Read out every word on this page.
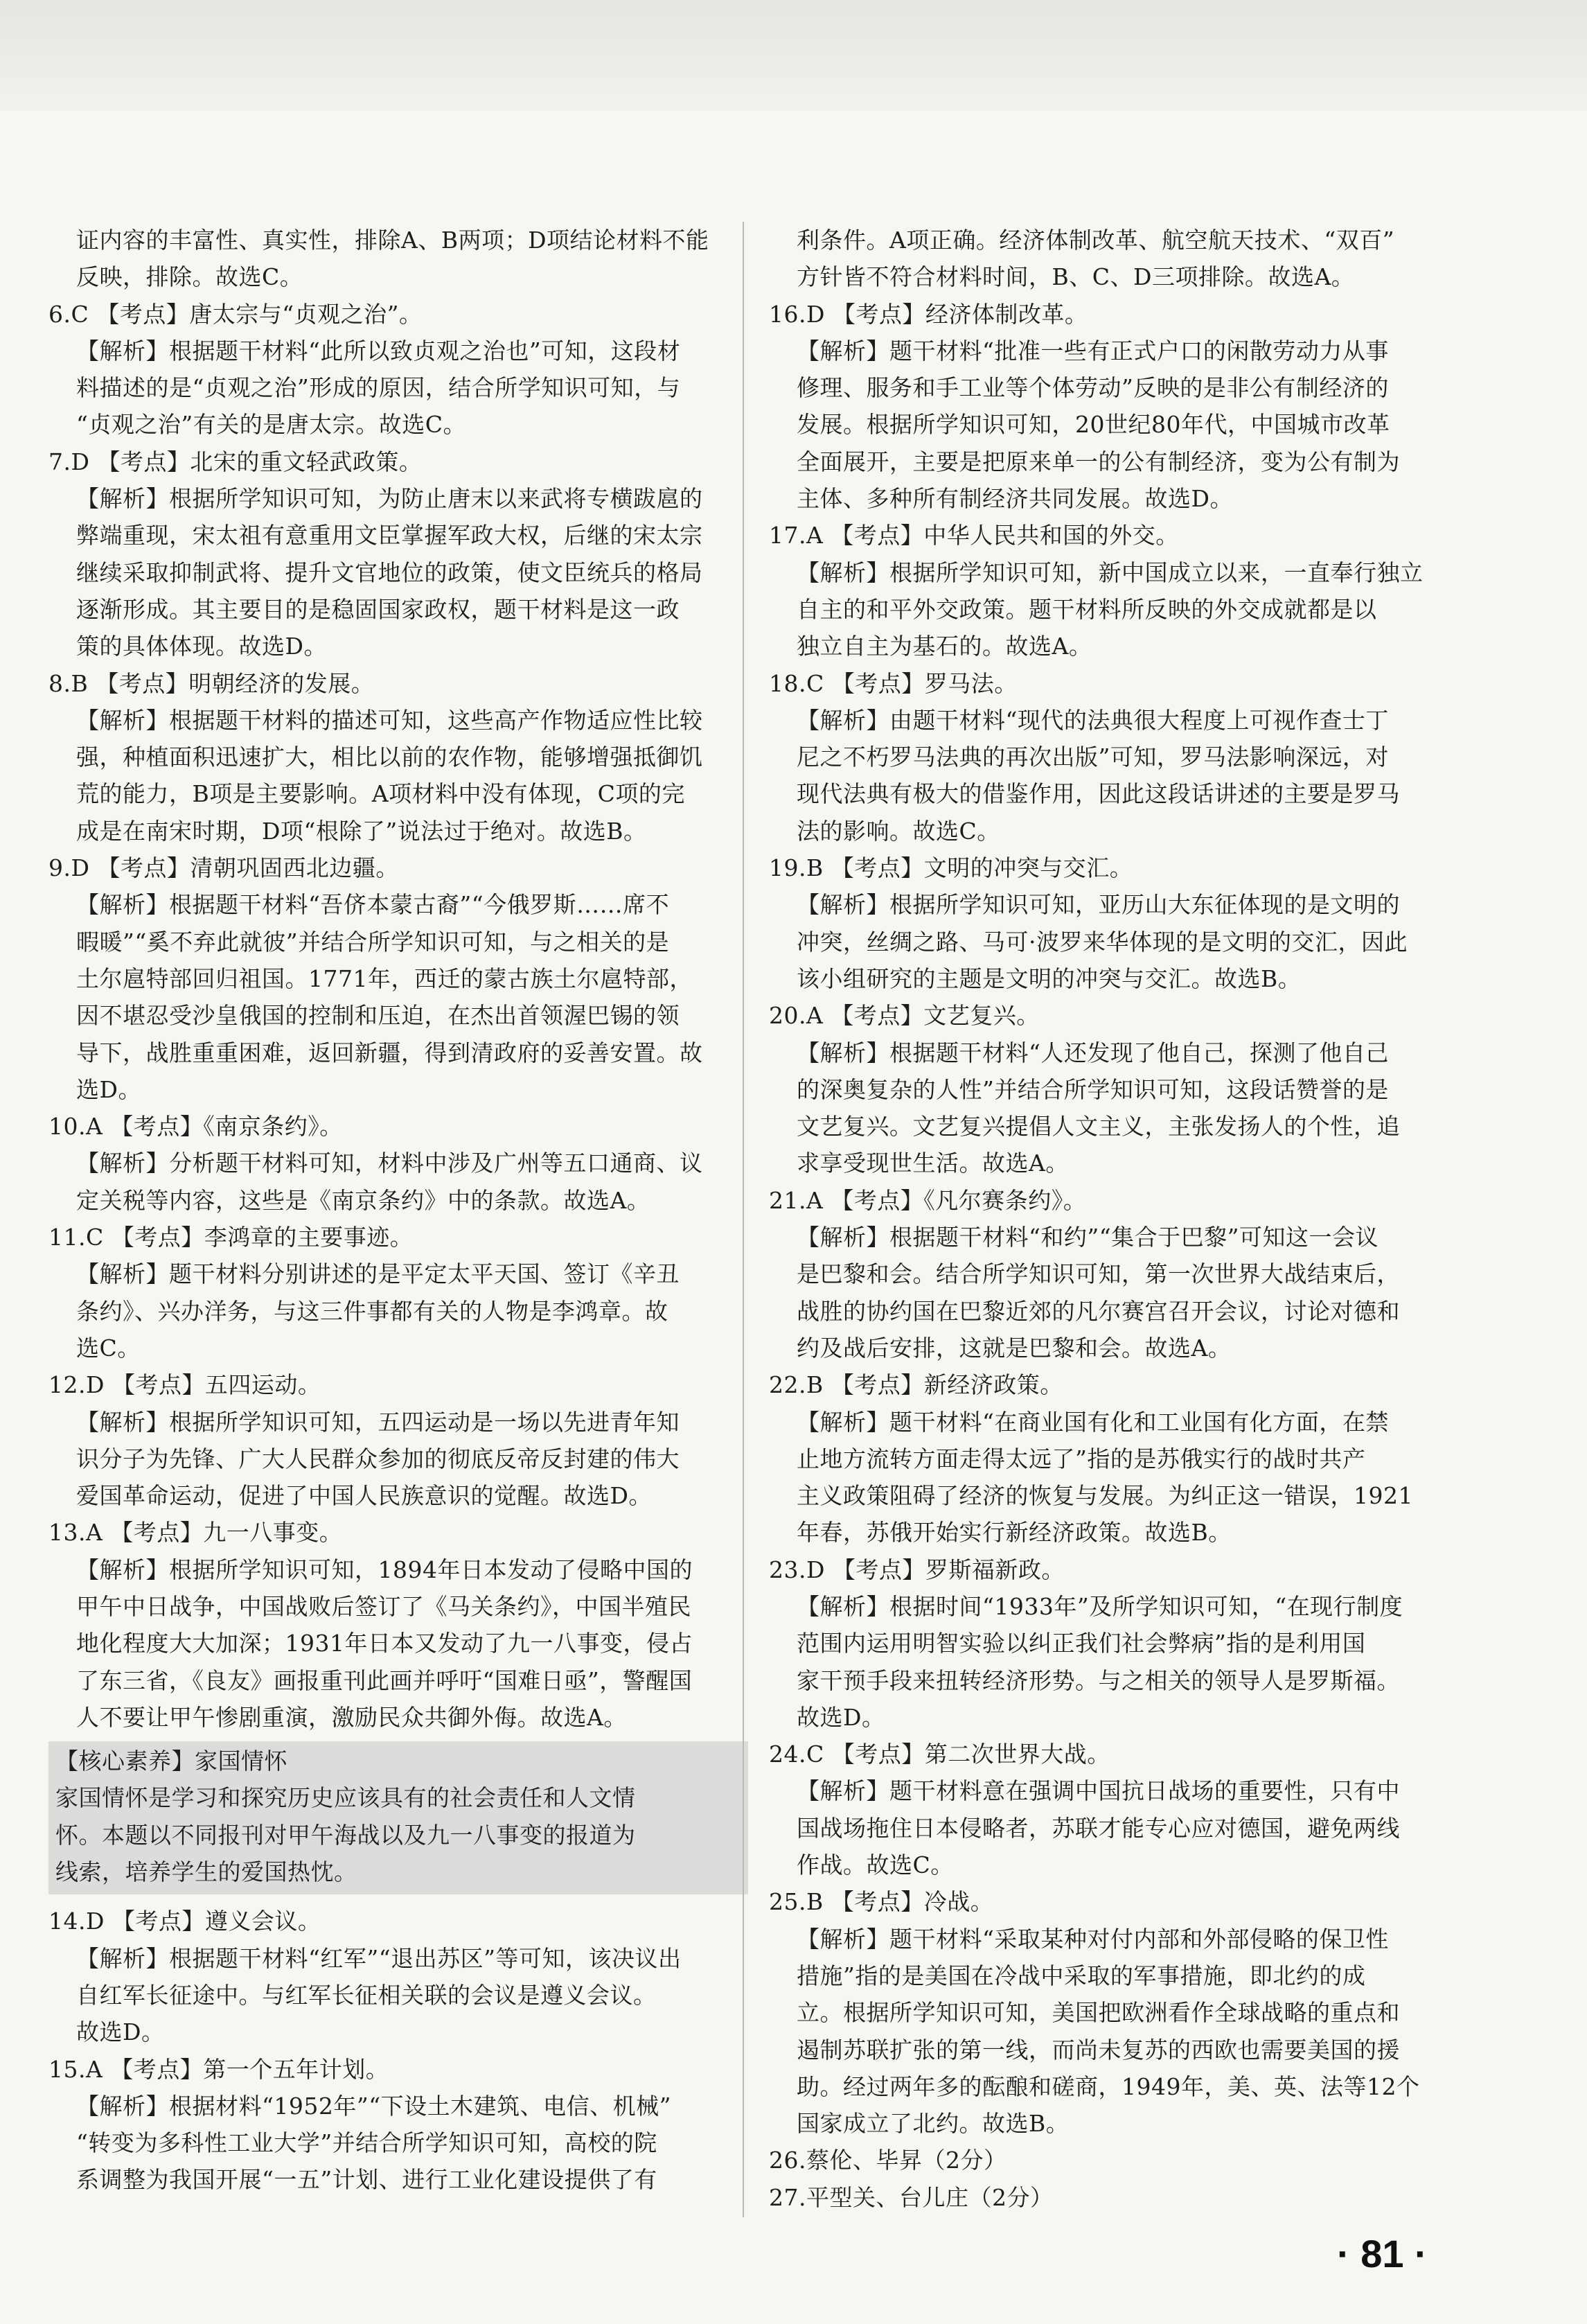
证内容的丰富性、真实性，排除A、B两项；D项结论材料不能
反映，排除。故选C。
6.C 【考点】唐太宗与“贞观之治”。
【解析】根据题干材料“此所以致贞观之治也”可知，这段材
料描述的是“贞观之治”形成的原因，结合所学知识可知，与
“贞观之治”有关的是唐太宗。故选C。
7.D 【考点】北宋的重文轻武政策。
【解析】根据所学知识可知，为防止唐末以来武将专横跋扈的
弊端重现，宋太祖有意重用文臣掌握军政大权，后继的宋太宗
继续采取抑制武将、提升文官地位的政策，使文臣统兵的格局
逐渐形成。其主要目的是稳固国家政权，题干材料是这一政
策的具体体现。故选D。
8.B 【考点】明朝经济的发展。
【解析】根据题干材料的描述可知，这些高产作物适应性比较
强，种植面积迅速扩大，相比以前的农作物，能够增强抵御饥
荒的能力，B项是主要影响。A项材料中没有体现，C项的完
成是在南宋时期，D项“根除了”说法过于绝对。故选B。
9.D 【考点】清朝巩固西北边疆。
【解析】根据题干材料“吾侪本蒙古裔”“今俄罗斯……席不
暇暖”“奚不弃此就彼”并结合所学知识可知，与之相关的是
土尔扈特部回归祖国。1771年，西迁的蒙古族土尔扈特部，
因不堪忍受沙皇俄国的控制和压迫，在杰出首领渥巴锡的领
导下，战胜重重困难，返回新疆，得到清政府的妥善安置。故
选D。
10.A 【考点】《南京条约》。
【解析】分析题干材料可知，材料中涉及广州等五口通商、议
定关税等内容，这些是《南京条约》中的条款。故选A。
11.C 【考点】李鸿章的主要事迹。
【解析】题干材料分别讲述的是平定太平天国、签订《辛丑
条约》、兴办洋务，与这三件事都有关的人物是李鸿章。故
选C。
12.D 【考点】五四运动。
【解析】根据所学知识可知，五四运动是一场以先进青年知
识分子为先锋、广大人民群众参加的彻底反帝反封建的伟大
爱国革命运动，促进了中国人民族意识的觉醒。故选D。
13.A 【考点】九一八事变。
【解析】根据所学知识可知，1894年日本发动了侵略中国的
甲午中日战争，中国战败后签订了《马关条约》，中国半殖民
地化程度大大加深；1931年日本又发动了九一八事变，侵占
了东三省，《良友》画报重刊此画并呼吁“国难日亟”，警醒国
人不要让甲午惨剧重演，激励民众共御外侮。故选A。
【核心素养】家国情怀
家国情怀是学习和探究历史应该具有的社会责任和人文情
怀。本题以不同报刊对甲午海战以及九一八事变的报道为
线索，培养学生的爱国热忱。
14.D 【考点】遵义会议。
【解析】根据题干材料“红军”“退出苏区”等可知，该决议出
自红军长征途中。与红军长征相关联的会议是遵义会议。
故选D。
15.A 【考点】第一个五年计划。
【解析】根据材料“1952年”“下设土木建筑、电信、机械”
“转变为多科性工业大学”并结合所学知识可知，高校的院
系调整为我国开展“一五”计划、进行工业化建设提供了有
利条件。A项正确。经济体制改革、航空航天技术、“双百”
方针皆不符合材料时间，B、C、D三项排除。故选A。
16.D 【考点】经济体制改革。
【解析】题干材料“批准一些有正式户口的闲散劳动力从事
修理、服务和手工业等个体劳动”反映的是非公有制经济的
发展。根据所学知识可知，20世纪80年代，中国城市改革
全面展开，主要是把原来单一的公有制经济，变为公有制为
主体、多种所有制经济共同发展。故选D。
17.A 【考点】中华人民共和国的外交。
【解析】根据所学知识可知，新中国成立以来，一直奉行独立
自主的和平外交政策。题干材料所反映的外交成就都是以
独立自主为基石的。故选A。
18.C 【考点】罗马法。
【解析】由题干材料“现代的法典很大程度上可视作查士丁
尼之不朽罗马法典的再次出版”可知，罗马法影响深远，对
现代法典有极大的借鉴作用，因此这段话讲述的主要是罗马
法的影响。故选C。
19.B 【考点】文明的冲突与交汇。
【解析】根据所学知识可知，亚历山大东征体现的是文明的
冲突，丝绸之路、马可·波罗来华体现的是文明的交汇，因此
该小组研究的主题是文明的冲突与交汇。故选B。
20.A 【考点】文艺复兴。
【解析】根据题干材料“人还发现了他自己，探测了他自己
的深奥复杂的人性”并结合所学知识可知，这段话赞誉的是
文艺复兴。文艺复兴提倡人文主义，主张发扬人的个性，追
求享受现世生活。故选A。
21.A 【考点】《凡尔赛条约》。
【解析】根据题干材料“和约”“集合于巴黎”可知这一会议
是巴黎和会。结合所学知识可知，第一次世界大战结束后，
战胜的协约国在巴黎近郊的凡尔赛宫召开会议，讨论对德和
约及战后安排，这就是巴黎和会。故选A。
22.B 【考点】新经济政策。
【解析】题干材料“在商业国有化和工业国有化方面，在禁
止地方流转方面走得太远了”指的是苏俄实行的战时共产
主义政策阻碍了经济的恢复与发展。为纠正这一错误，1921
年春，苏俄开始实行新经济政策。故选B。
23.D 【考点】罗斯福新政。
【解析】根据时间“1933年”及所学知识可知，“在现行制度
范围内运用明智实验以纠正我们社会弊病”指的是利用国
家干预手段来扭转经济形势。与之相关的领导人是罗斯福。
故选D。
24.C 【考点】第二次世界大战。
【解析】题干材料意在强调中国抗日战场的重要性，只有中
国战场拖住日本侵略者，苏联才能专心应对德国，避免两线
作战。故选C。
25.B 【考点】冷战。
【解析】题干材料“采取某种对付内部和外部侵略的保卫性
措施”指的是美国在冷战中采取的军事措施，即北约的成
立。根据所学知识可知，美国把欧洲看作全球战略的重点和
遏制苏联扩张的第一线，而尚未复苏的西欧也需要美国的援
助。经过两年多的酝酿和磋商，1949年，美、英、法等12个
国家成立了北约。故选B。
26.蔡伦、毕昇（2分）
27.平型关、台儿庄（2分）
· 81 ·
